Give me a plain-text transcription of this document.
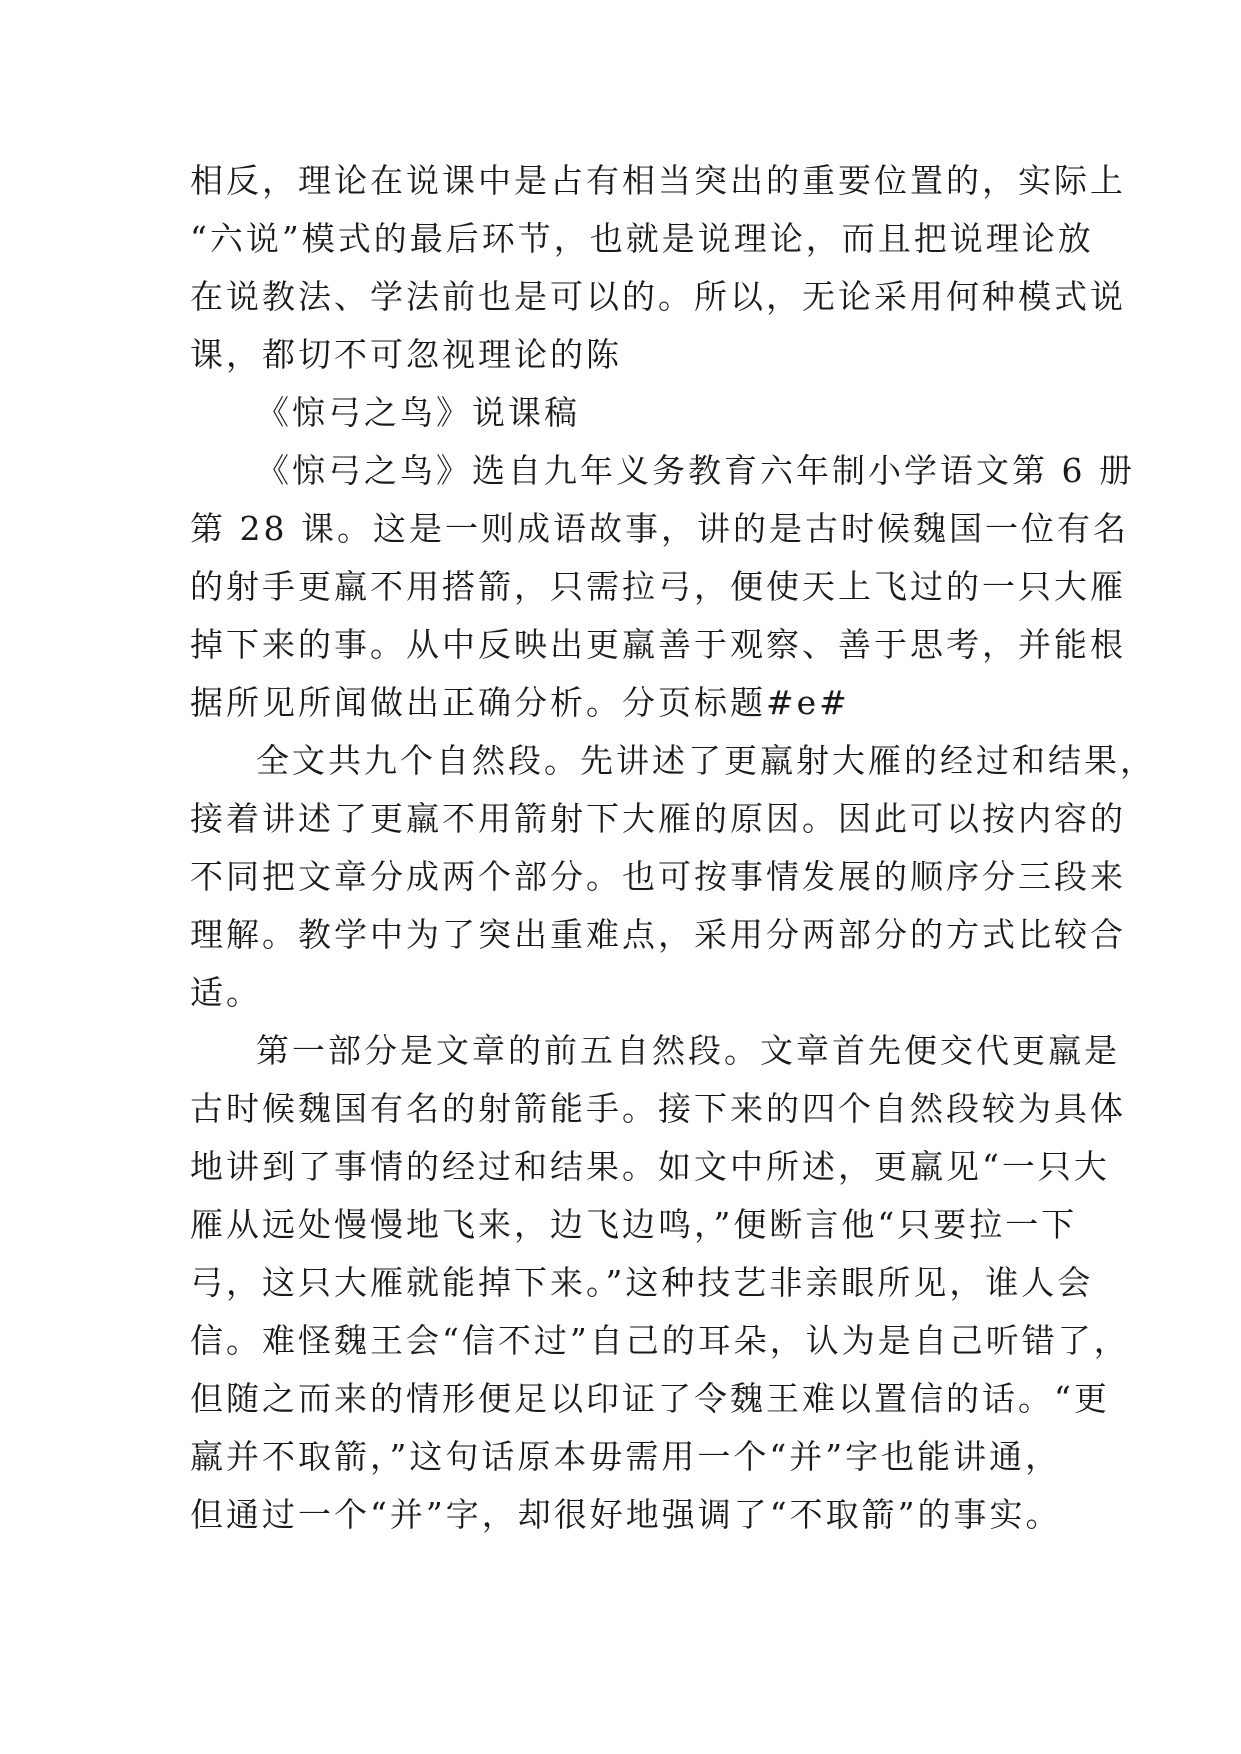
相反，理论在说课中是占有相当突出的重要位置的，实际上
“六说”模式的最后环节，也就是说理论，而且把说理论放
在说教法、学法前也是可以的。所以，无论采用何种模式说
课，都切不可忽视理论的陈
《惊弓之鸟》说课稿
《惊弓之鸟》选自九年义务教育六年制小学语文第 6 册
第 28 课。这是一则成语故事，讲的是古时候魏国一位有名
的射手更羸不用搭箭，只需拉弓，便使天上飞过的一只大雁
掉下来的事。从中反映出更羸善于观察、善于思考，并能根
据所见所闻做出正确分析。分页标题#e#
全文共九个自然段。先讲述了更羸射大雁的经过和结果，
接着讲述了更羸不用箭射下大雁的原因。因此可以按内容的
不同把文章分成两个部分。也可按事情发展的顺序分三段来
理解。教学中为了突出重难点，采用分两部分的方式比较合
适。
第一部分是文章的前五自然段。文章首先便交代更羸是
古时候魏国有名的射箭能手。接下来的四个自然段较为具体
地讲到了事情的经过和结果。如文中所述，更羸见“一只大
雁从远处慢慢地飞来，边飞边鸣，”便断言他“只要拉一下
弓，这只大雁就能掉下来。”这种技艺非亲眼所见，谁人会
信。难怪魏王会“信不过”自己的耳朵，认为是自己听错了，
但随之而来的情形便足以印证了令魏王难以置信的话。“更
羸并不取箭，”这句话原本毋需用一个“并”字也能讲通，
但通过一个“并”字，却很好地强调了“不取箭”的事实。
